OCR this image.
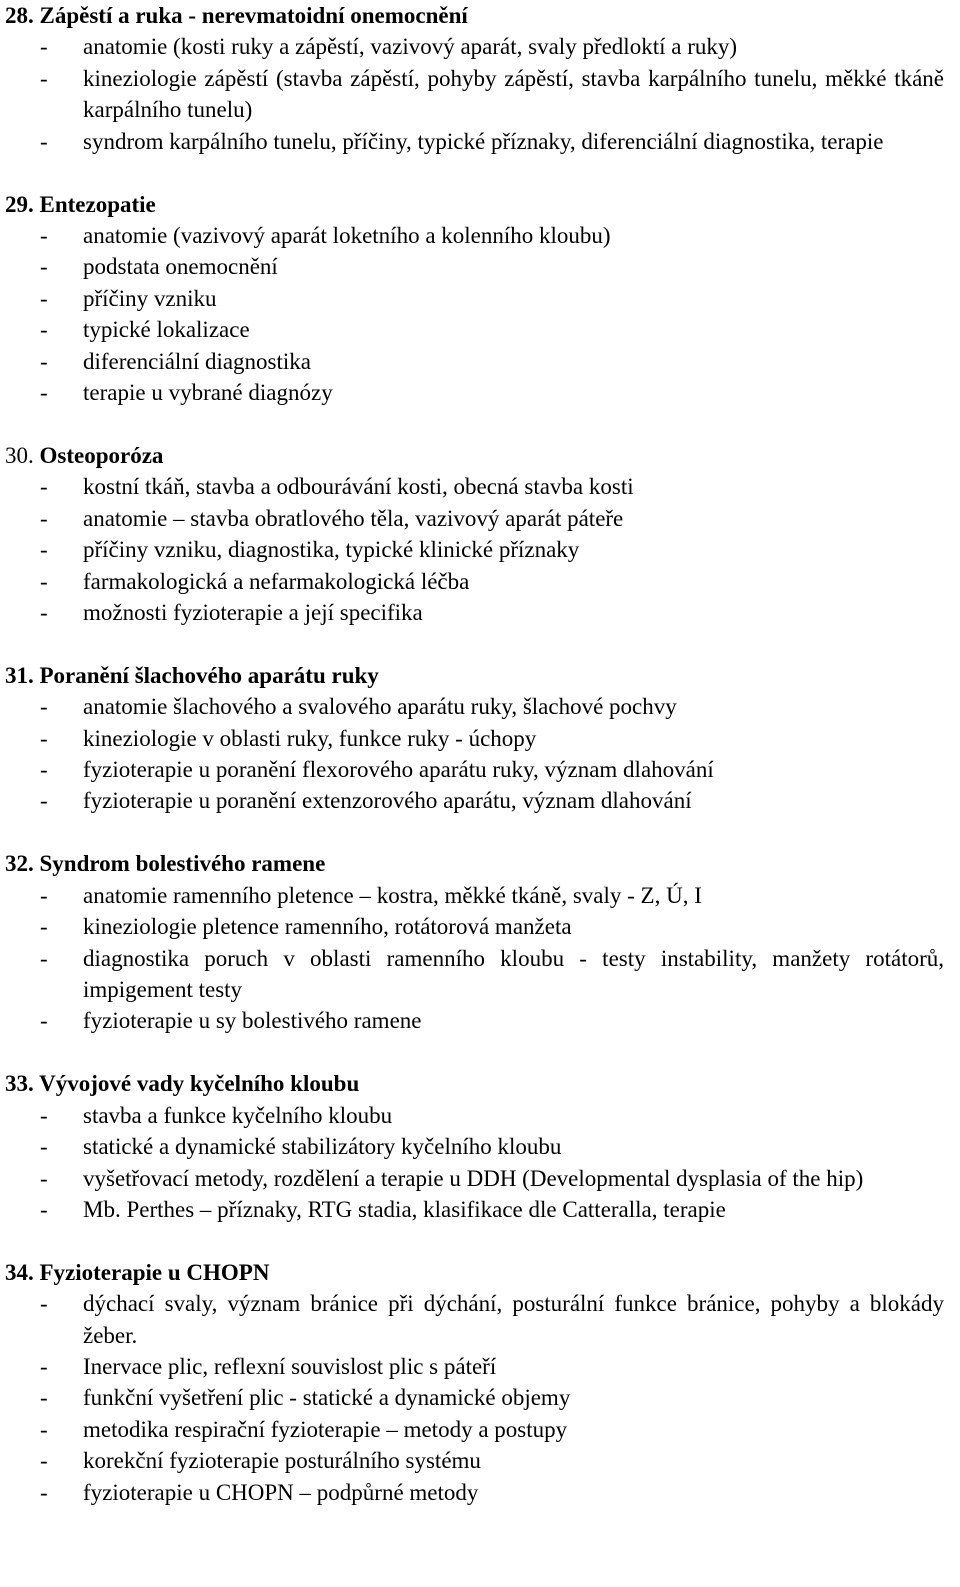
28. Zápěstí a ruka - nerevmatoidní onemocnění
- anatomie (kosti ruky a zápěstí, vazivový aparát, svaly předloktí a ruky)
- kineziologie zápěstí (stavba zápěstí, pohyby zápěstí, stavba karpálního tunelu, měkké tkáně karpálního tunelu)
- syndrom karpálního tunelu, příčiny, typické příznaky, diferenciální diagnostika, terapie
29. Entezopatie
- anatomie (vazivový aparát loketního a kolenního kloubu)
- podstata onemocnění
- příčiny vzniku
- typické lokalizace
- diferenciální diagnostika
- terapie u vybrané diagnózy
30. Osteoporóza
- kostní tkáň, stavba a odbourávání kosti, obecná stavba kosti
- anatomie – stavba obratlového těla, vazivový aparát páteře
- příčiny vzniku, diagnostika, typické klinické příznaky
- farmakologická a nefarmakologická léčba
- možnosti fyzioterapie a její specifika
31. Poranění šlachového aparátu ruky
- anatomie šlachového a svalového aparátu ruky, šlachové pochvy
- kineziologie v oblasti ruky, funkce ruky - úchopy
- fyzioterapie u poranění flexorového aparátu ruky, význam dlahování
- fyzioterapie u poranění extenzorového aparátu, význam dlahování
32. Syndrom bolestivého ramene
- anatomie ramenního pletence – kostra, měkké tkáně, svaly - Z, Ú, I
- kineziologie pletence ramenního, rotátorová manžeta
- diagnostika poruch v oblasti ramenního kloubu - testy instability, manžety rotátorů, impigement testy
- fyzioterapie u sy bolestivého ramene
33. Vývojové vady kyčelního kloubu
- stavba a funkce kyčelního kloubu
- statické a dynamické stabilizátory kyčelního kloubu
- vyšetřovací metody, rozdělení a terapie u DDH (Developmental dysplasia of the hip)
- Mb. Perthes – příznaky, RTG stadia, klasifikace dle Catteralla, terapie
34. Fyzioterapie u CHOPN
- dýchací svaly, význam bránice při dýchání, posturální funkce bránice, pohyby a blokády žeber.
- Inervace plic, reflexní souvislost plic s páteří
- funkční vyšetření plic - statické a dynamické objemy
- metodika respirační fyzioterapie – metody a postupy
- korekční fyzioterapie posturálního systému
- fyzioterapie u CHOPN – podpůrné metody
